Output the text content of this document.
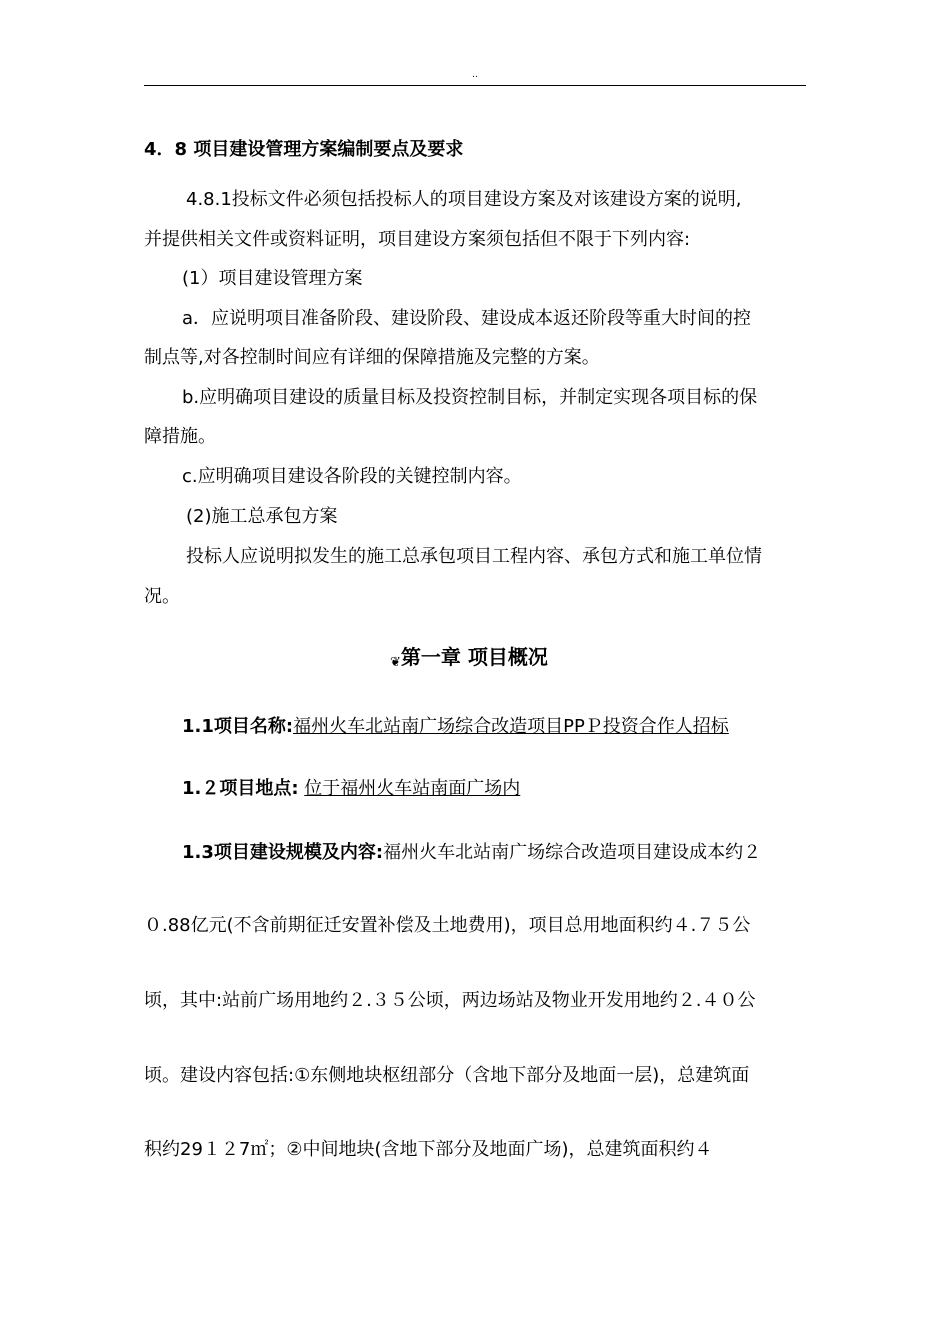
..
4．8 项目建设管理方案编制要点及要求
4.8.1投标文件必须包括投标人的项目建设方案及对该建设方案的说明,
并提供相关文件或资料证明，项目建设方案须包括但不限于下列内容:
(1）项目建设管理方案
a．应说明项目准备阶段、建设阶段、建设成本返还阶段等重大时间的控
制点等,对各控制时间应有详细的保障措施及完整的方案。
b.应明确项目建设的质量目标及投资控制目标，并制定实现各项目标的保
障措施。
c.应明确项目建设各阶段的关键控制内容。
(2)施工总承包方案
投标人应说明拟发生的施工总承包项目工程内容、承包方式和施工单位情
况。
❦第一章 项目概况
1.1项目名称:福州火车北站南广场综合改造项目PPＰ投资合作人招标
1.２项目地点: 位于福州火车站南面广场内
1.3项目建设规模及内容:福州火车北站南广场综合改造项目建设成本约２
０.88亿元(不含前期征迁安置补偿及土地费用)，项目总用地面积约４.７５公
顷，其中:站前广场用地约２.３５公顷，两边场站及物业开发用地约２.４０公
顷。建设内容包括:①东侧地块枢纽部分（含地下部分及地面一层)，总建筑面
积约29１２7㎡；②中间地块(含地下部分及地面广场)，总建筑面积约４
